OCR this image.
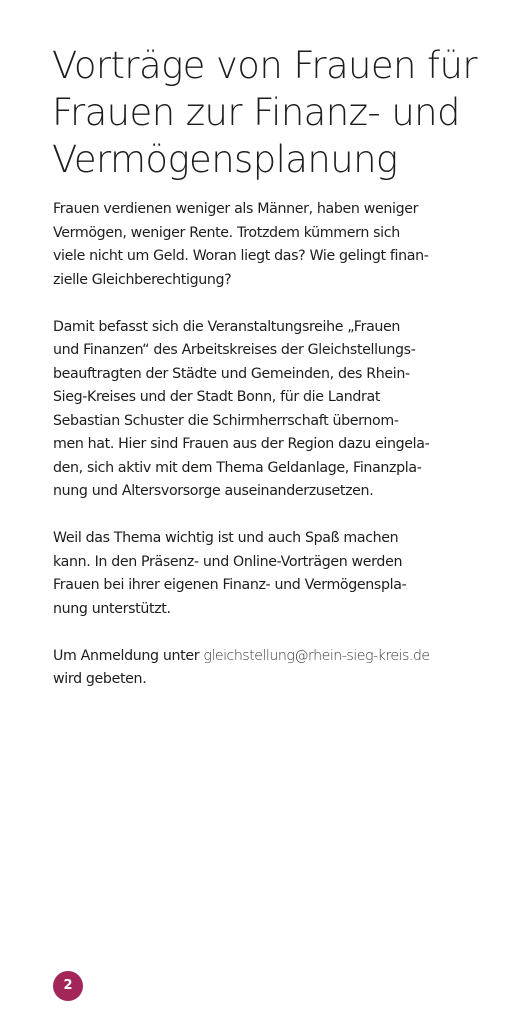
Vorträge von Frauen für
Frauen zur Finanz- und
Vermögensplanung

Frauen verdienen weniger als Männer, haben weniger
Vermögen, weniger Rente. Trotzdem kümmern sich
viele nicht um Geld. Woran liegt das? Wie gelingt finan-
zielle Gleichberechtigung?

Damit befasst sich die Veranstaltungsreihe „Frauen
und Finanzen“ des Arbeitskreises der Gleichstellungs-
beauftragten der Städte und Gemeinden, des Rhein-
Sieg-Kreises und der Stadt Bonn, für die Landrat
Sebastian Schuster die Schirmherrschaft übernom-
men hat. Hier sind Frauen aus der Region dazu eingela-
den, sich aktiv mit dem Thema Geldanlage, Finanzpla-
nung und Altersvorsorge auseinanderzusetzen.

Weil das Thema wichtig ist und auch Spaß machen
kann. In den Präsenz- und Online-Vorträgen werden
Frauen bei ihrer eigenen Finanz- und Vermögenspla-
nung unterstützt.

Um Anmeldung unter gleichstellung@rhein-sieg-kreis.de
wird gebeten.

2
